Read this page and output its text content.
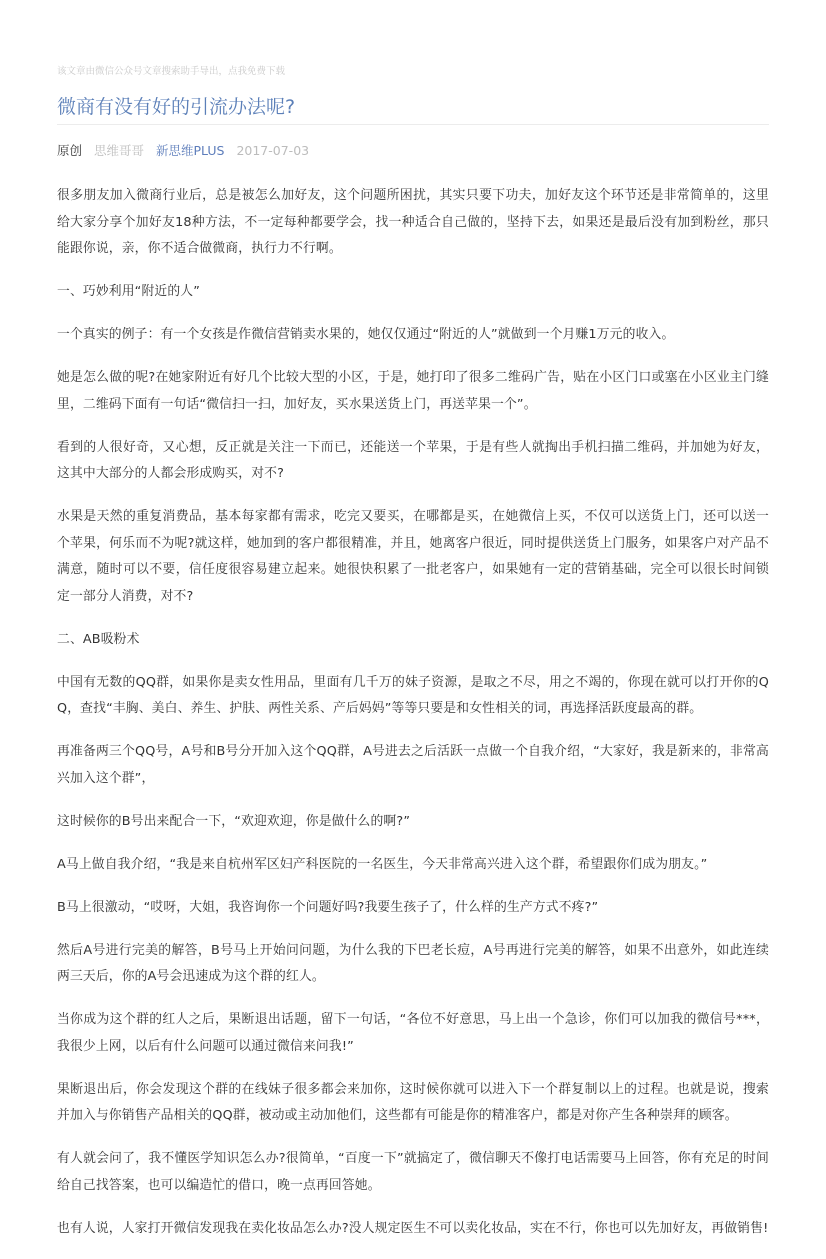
该文章由微信公众号文章搜索助手导出，点我免费下载
微商有没有好的引流办法呢?
原创 思维哥哥 新思维PLUS 2017-07-03

很多朋友加入微商行业后，总是被怎么加好友，这个问题所困扰，其实只要下功夫，加好友这个环节还是非常简单的，这里给大家分享个加好友18种方法，不一定每种都要学会，找一种适合自己做的，坚持下去，如果还是最后没有加到粉丝，那只能跟你说，亲，你不适合做微商，执行力不行啊。

一、巧妙利用“附近的人”

一个真实的例子：有一个女孩是作微信营销卖水果的，她仅仅通过“附近的人”就做到一个月赚1万元的收入。

她是怎么做的呢?在她家附近有好几个比较大型的小区，于是，她打印了很多二维码广告，贴在小区门口或塞在小区业主门缝里，二维码下面有一句话“微信扫一扫，加好友，买水果送货上门，再送苹果一个”。

看到的人很好奇，又心想，反正就是关注一下而已，还能送一个苹果，于是有些人就掏出手机扫描二维码，并加她为好友，这其中大部分的人都会形成购买，对不?

水果是天然的重复消费品，基本每家都有需求，吃完又要买，在哪都是买，在她微信上买，不仅可以送货上门，还可以送一个苹果，何乐而不为呢?就这样，她加到的客户都很精准，并且，她离客户很近，同时提供送货上门服务，如果客户对产品不满意，随时可以不要，信任度很容易建立起来。她很快积累了一批老客户，如果她有一定的营销基础，完全可以很长时间锁定一部分人消费，对不?

二、AB吸粉术

中国有无数的QQ群，如果你是卖女性用品，里面有几千万的妹子资源，是取之不尽，用之不竭的，你现在就可以打开你的QQ，查找“丰胸、美白、养生、护肤、两性关系、产后妈妈”等等只要是和女性相关的词，再选择活跃度最高的群。

再准备两三个QQ号，A号和B号分开加入这个QQ群，A号进去之后活跃一点做一个自我介绍，“大家好，我是新来的，非常高兴加入这个群”，

这时候你的B号出来配合一下，“欢迎欢迎，你是做什么的啊?”

A马上做自我介绍，“我是来自杭州军区妇产科医院的一名医生，今天非常高兴进入这个群，希望跟你们成为朋友。”

B马上很激动，“哎呀，大姐，我咨询你一个问题好吗?我要生孩子了，什么样的生产方式不疼?”

然后A号进行完美的解答，B号马上开始问问题，为什么我的下巴老长痘，A号再进行完美的解答，如果不出意外，如此连续两三天后，你的A号会迅速成为这个群的红人。

当你成为这个群的红人之后，果断退出话题，留下一句话，“各位不好意思，马上出一个急诊，你们可以加我的微信号***，我很少上网，以后有什么问题可以通过微信来问我!”

果断退出后，你会发现这个群的在线妹子很多都会来加你，这时候你就可以进入下一个群复制以上的过程。也就是说，搜索并加入与你销售产品相关的QQ群，被动或主动加他们，这些都有可能是你的精准客户，都是对你产生各种崇拜的顾客。

有人就会问了，我不懂医学知识怎么办?很简单，“百度一下”就搞定了，微信聊天不像打电话需要马上回答，你有充足的时间给自己找答案，也可以编造忙的借口，晚一点再回答她。

也有人说，人家打开微信发现我在卖化妆品怎么办?没人规定医生不可以卖化妆品，实在不行，你也可以先加好友，再做销售!
